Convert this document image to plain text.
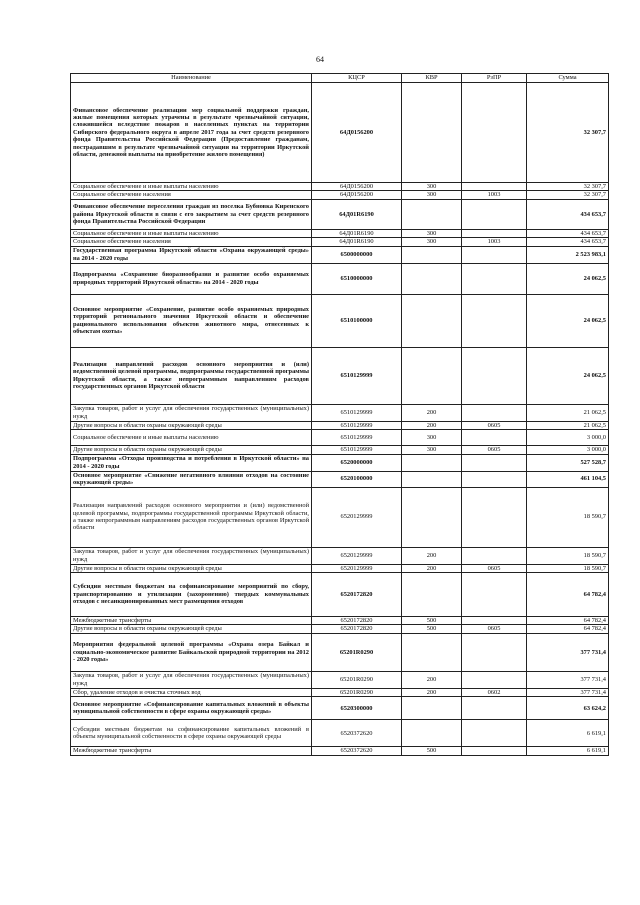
64
Наименование	КЦСР	КВР	РзПР	Сумма
Финансовое обеспечение реализации мер социальной поддержки граждан, жилые помещения которых утрачены в результате чрезвычайной ситуации, сложившейся вследствие пожаров в населенных пунктах на территории Сибирского федерального округа в апреле 2017 года за счет средств резервного фонда Правительства Российской Федерации (Предоставление гражданам, пострадавшим в результате чрезвычайной ситуации на территории Иркутской области, денежной выплаты на приобретение жилого помещения)	64Д0156200			32 307,7
Социальное обеспечение и иные выплаты населению	64Д0156200	300		32 307,7
Социальное обеспечение населения	64Д0156200	300	1003	32 307,7
Финансовое обеспечение переселения граждан из поселка Бубновка Киренского района Иркутской области в связи с его закрытием за счет средств резервного фонда Правительства Российской Федерации	64Д01R6190			434 653,7
Социальное обеспечение и иные выплаты населению	64Д01R6190	300		434 653,7
Социальное обеспечение населения	64Д01R6190	300	1003	434 653,7
Государственная программа Иркутской области «Охрана окружающей среды» на 2014 - 2020 годы	6500000000			2 523 983,1
Подпрограмма «Сохранение биоразнообразия и развитие особо охраняемых природных территорий Иркутской области» на 2014 - 2020 годы	6510000000			24 062,5
Основное мероприятие «Сохранение, развитие особо охраняемых природных территорий регионального значения Иркутской области и обеспечение рационального использования объектов животного мира, отнесенных к объектам охоты»	6510100000			24 062,5
Реализация направлений расходов основного мероприятия и (или) ведомственной целевой программы, подпрограммы государственной программы Иркутской области, а также непрограммным направлениям расходов государственных органов Иркутской области	6510129999			24 062,5
Закупка товаров, работ и услуг для обеспечения государственных (муниципальных) нужд	6510129999	200		21 062,5
Другие вопросы в области охраны окружающей среды	6510129999	200	0605	21 062,5
Социальное обеспечение и иные выплаты населению	6510129999	300		3 000,0
Другие вопросы в области охраны окружающей среды	6510129999	300	0605	3 000,0
Подпрограмма «Отходы производства и потребления в Иркутской области» на 2014 - 2020 годы	6520000000			527 528,7
Основное мероприятие «Снижение негативного влияния отходов на состояние окружающей среды»	6520100000			461 104,5
Реализация направлений расходов основного мероприятия и (или) ведомственной целевой программы, подпрограммы государственной программы Иркутской области, а также непрограммным направлениям расходов государственных органов Иркутской области	6520129999			18 590,7
Закупка товаров, работ и услуг для обеспечения государственных (муниципальных) нужд	6520129999	200		18 590,7
Другие вопросы в области охраны окружающей среды	6520129999	200	0605	18 590,7
Субсидии местным бюджетам на софинансирование мероприятий по сбору, транспортированию и утилизации (захоронению) твердых коммунальных отходов с несанкционированных мест размещения отходов	6520172820			64 782,4
Межбюджетные трансферты	6520172820	500		64 782,4
Другие вопросы в области охраны окружающей среды	6520172820	500	0605	64 782,4
Мероприятия федеральной целевой программы «Охрана озера Байкал и социально-экономическое развитие Байкальской природной территории на 2012 - 2020 годы»	65201R0290			377 731,4
Закупка товаров, работ и услуг для обеспечения государственных (муниципальных) нужд	65201R0290	200		377 731,4
Сбор, удаление отходов и очистка сточных вод	65201R0290	200	0602	377 731,4
Основное мероприятие «Софинансирование капитальных вложений в объекты муниципальной собственности в сфере охраны окружающей среды»	6520300000			63 624,2
Субсидии местным бюджетам на софинансирование капитальных вложений в объекты муниципальной собственности в сфере охраны окружающей среды	6520372620			6 619,1
Межбюджетные трансферты	6520372620	500		6 619,1
